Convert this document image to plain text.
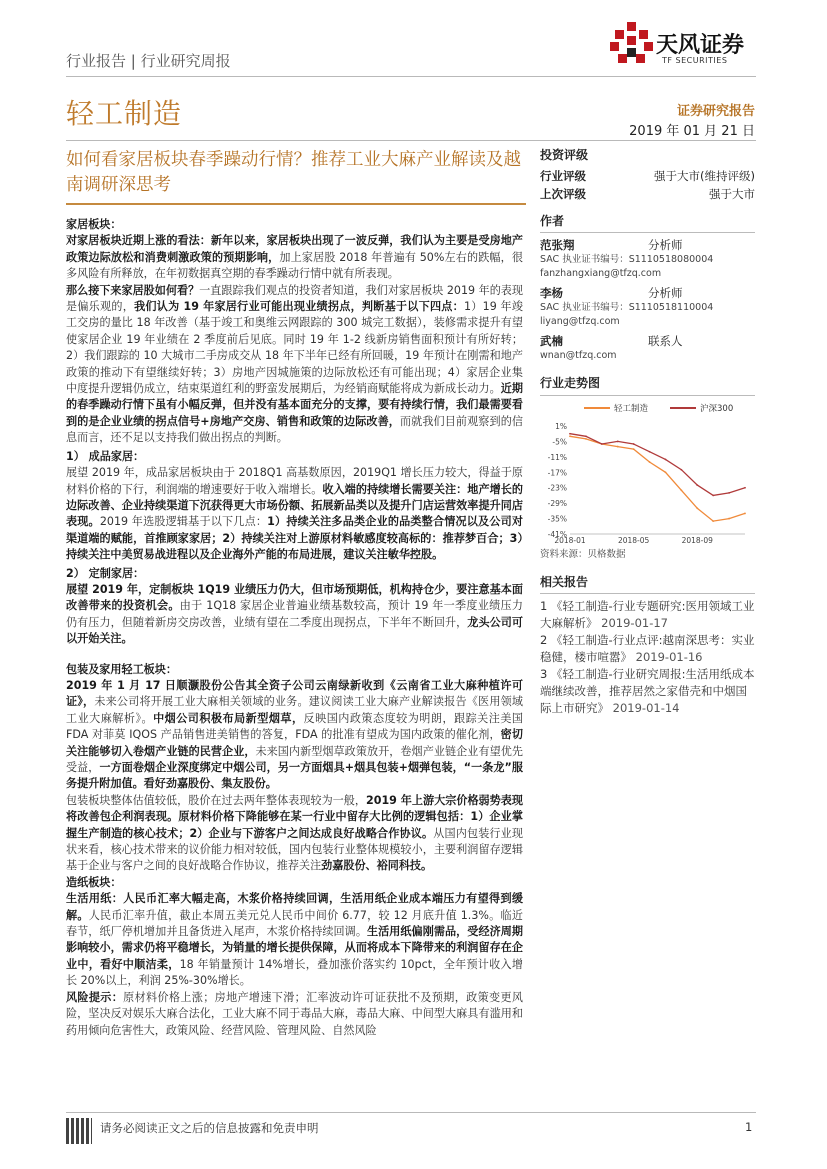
行业报告 | 行业研究周报
天风证券
TF SECURITIES
轻工制造	证券研究报告
2019 年 01 月 21 日
如何看家居板块春季躁动行情？推荐工业大麻产业解读及越南调研深思考
投资评级
行业评级	强于大市(维持评级)
上次评级	强于大市
作者
范张翔	分析师
SAC 执业证书编号：S1110518080004
fanzhangxiang@tfzq.com
李杨	分析师
SAC 执业证书编号：S1110518110004
liyang@tfzq.com
武楠	联系人
wnan@tfzq.com
行业走势图
1%
-5%
-11%
-17%
-23%
-29%
-35%
-41%
2018-01	2018-05	2018-09
轻工制造	沪深300
资料来源：贝格数据
相关报告
1 《轻工制造-行业专题研究:医用领域工业大麻解析》 2019-01-17
2 《轻工制造-行业点评:越南深思考：实业稳健，楼市喧嚣》 2019-01-16
3 《轻工制造-行业研究周报:生活用纸成本端继续改善，推荐居然之家借壳和中烟国际上市研究》 2019-01-14

家居板块：

对家居板块近期上涨的看法：新年以来，家居板块出现了一波反弹，我们认为主要是受房地产政策边际放松和消费刺激政策的预期影响，加上家居股 2018 年普遍有 50%左右的跌幅，很多风险有所释放，在年初数据真空期的春季躁动行情中就有所表现。

那么接下来家居股如何看？一直跟踪我们观点的投资者知道，我们对家居板块 2019 年的表现是偏乐观的，我们认为 19 年家居行业可能出现业绩拐点，判断基于以下四点：1）19 年竣工交房的量比 18 年改善（基于竣工和奥维云网跟踪的 300 城完工数据），装修需求提升有望使家居企业 19 年业绩在 2 季度前后见底。同时 19 年 1-2 线新房销售面积预计有所好转；2）我们跟踪的 10 大城市二手房成交从 18 年下半年已经有所回暖，19 年预计在刚需和地产政策的推动下有望继续好转；3）房地产因城施策的边际放松还有可能出现；4）家居企业集中度提升逻辑仍成立，结束渠道红利的野蛮发展期后，为经销商赋能将成为新成长动力。近期的春季躁动行情下虽有小幅反弹，但并没有基本面充分的支撑，要有持续行情，我们最需要看到的是企业业绩的拐点信号+房地产交房、销售和政策的边际改善，而就我们目前观察到的信息而言，还不足以支持我们做出拐点的判断。

1） 成品家居：

展望 2019 年，成品家居板块由于 2018Q1 高基数原因，2019Q1 增长压力较大，得益于原材料价格的下行，利润端的增速要好于收入端增长。收入端的持续增长需要关注：地产增长的边际改善、企业持续渠道下沉获得更大市场份额、拓展新品类以及提升门店运营效率提升同店表现。2019 年选股逻辑基于以下几点：1）持续关注多品类企业的品类整合情况以及公司对渠道端的赋能，首推顾家家居；2）持续关注对上游原材料敏感度较高标的：推荐梦百合；3）持续关注中美贸易战进程以及企业海外产能的布局进展，建议关注敏华控股。

2） 定制家居：

展望 2019 年，定制板块 1Q19 业绩压力仍大，但市场预期低，机构持仓少，要注意基本面改善带来的投资机会。由于 1Q18 家居企业普遍业绩基数较高，预计 19 年一季度业绩压力仍有压力，但随着新房交房改善，业绩有望在二季度出现拐点，下半年不断回升，龙头公司可以开始关注。

包装及家用轻工板块：

2019 年 1 月 17 日顺灏股份公告其全资子公司云南绿新收到《云南省工业大麻种植许可证》，未来公司将开展工业大麻相关领域的业务。建议阅读工业大麻产业解读报告《医用领域工业大麻解析》。中烟公司积极布局新型烟草，反映国内政策态度较为明朗，跟踪关注美国 FDA 对菲莫 IQOS 产品销售进美销售的答复，FDA 的批准有望成为国内政策的催化剂，密切关注能够切入卷烟产业链的民营企业，未来国内新型烟草政策放开，卷烟产业链企业有望优先受益，一方面卷烟企业深度绑定中烟公司，另一方面烟具+烟具包装+烟弹包装，“一条龙”服务提升附加值。看好劲嘉股份、集友股份。

包装板块整体估值较低，股价在过去两年整体表现较为一般，2019 年上游大宗价格弱势表现将改善包企利润表现。原材料价格下降能够在某一行业中留存大比例的逻辑包括：1）企业掌握生产制造的核心技术；2）企业与下游客户之间达成良好战略合作协议。从国内包装行业现状来看，核心技术带来的议价能力相对较低，国内包装行业整体规模较小，主要利润留存逻辑基于企业与客户之间的良好战略合作协议，推荐关注劲嘉股份、裕同科技。

造纸板块：

生活用纸：人民币汇率大幅走高，木浆价格持续回调，生活用纸企业成本端压力有望得到缓解。人民币汇率升值，截止本周五美元兑人民币中间价 6.77，较 12 月底升值 1.3%。临近春节，纸厂停机增加并且备货进入尾声，木浆价格持续回调。生活用纸偏刚需品，受经济周期影响较小，需求仍将平稳增长，为销量的增长提供保障，从而将成本下降带来的利润留存在企业中，看好中顺洁柔，18 年销量预计 14%增长，叠加涨价落实约 10pct，全年预计收入增长 20%以上，利润 25%-30%增长。

风险提示：原材料价格上涨；房地产增速下滑；汇率波动许可证获批不及预期，政策变更风险，坚决反对娱乐大麻合法化，工业大麻不同于毒品大麻，毒品大麻、中间型大麻具有滥用和药用倾向危害性大，政策风险、经营风险、管理风险、自然风险

请务必阅读正文之后的信息披露和免责申明	1
